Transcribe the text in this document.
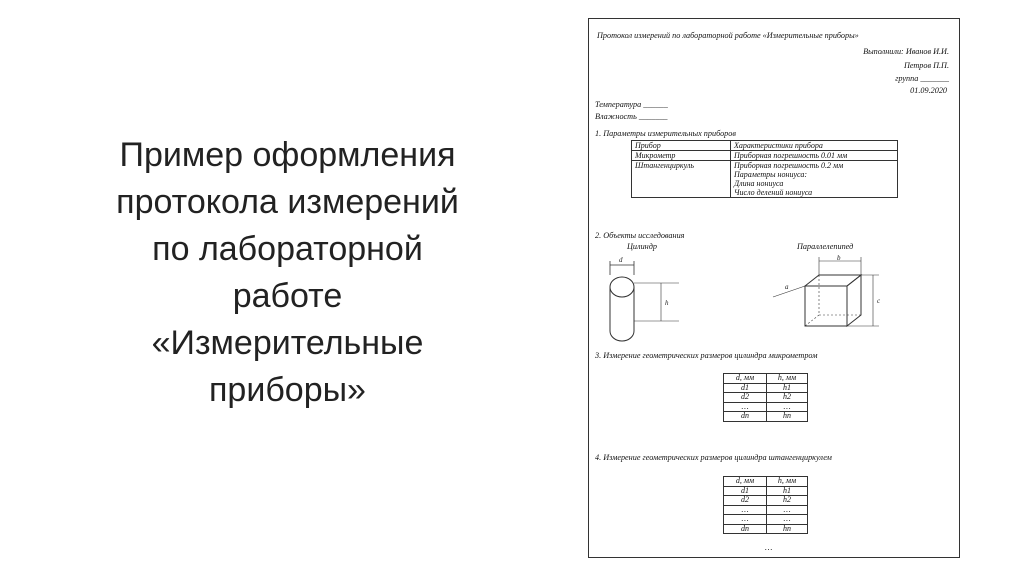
Пример оформления
протокола измерений
по лабораторной
работе
«Измерительные
приборы»
Протокол измерений по лабораторной работе «Измерительные приборы»
Выполнили: Иванов И.И.
Петров П.П.
группа _______
01.09.2020
Температура ______
Влажность _______
1. Параметры измерительных приборов
Прибор	Характеристики прибора
Микрометр	Приборная погрешность 0.01 мм
Штангенциркуль	Приборная погрешность 0.2 мм
Параметры нониуса:
Длина нониуса
Число делений нониуса
2. Объекты исследования
Цилиндр	Параллелепипед
d
h
b
a
c
3. Измерение геометрических размеров цилиндра микрометром
d, мм	h, мм
d1	h1
d2	h2
…	…
dn	hn
4. Измерение геометрических размеров цилиндра штангенциркулем
d, мм	h, мм
d1	h1
d2	h2
…	…
…	…
dn	hn
…
